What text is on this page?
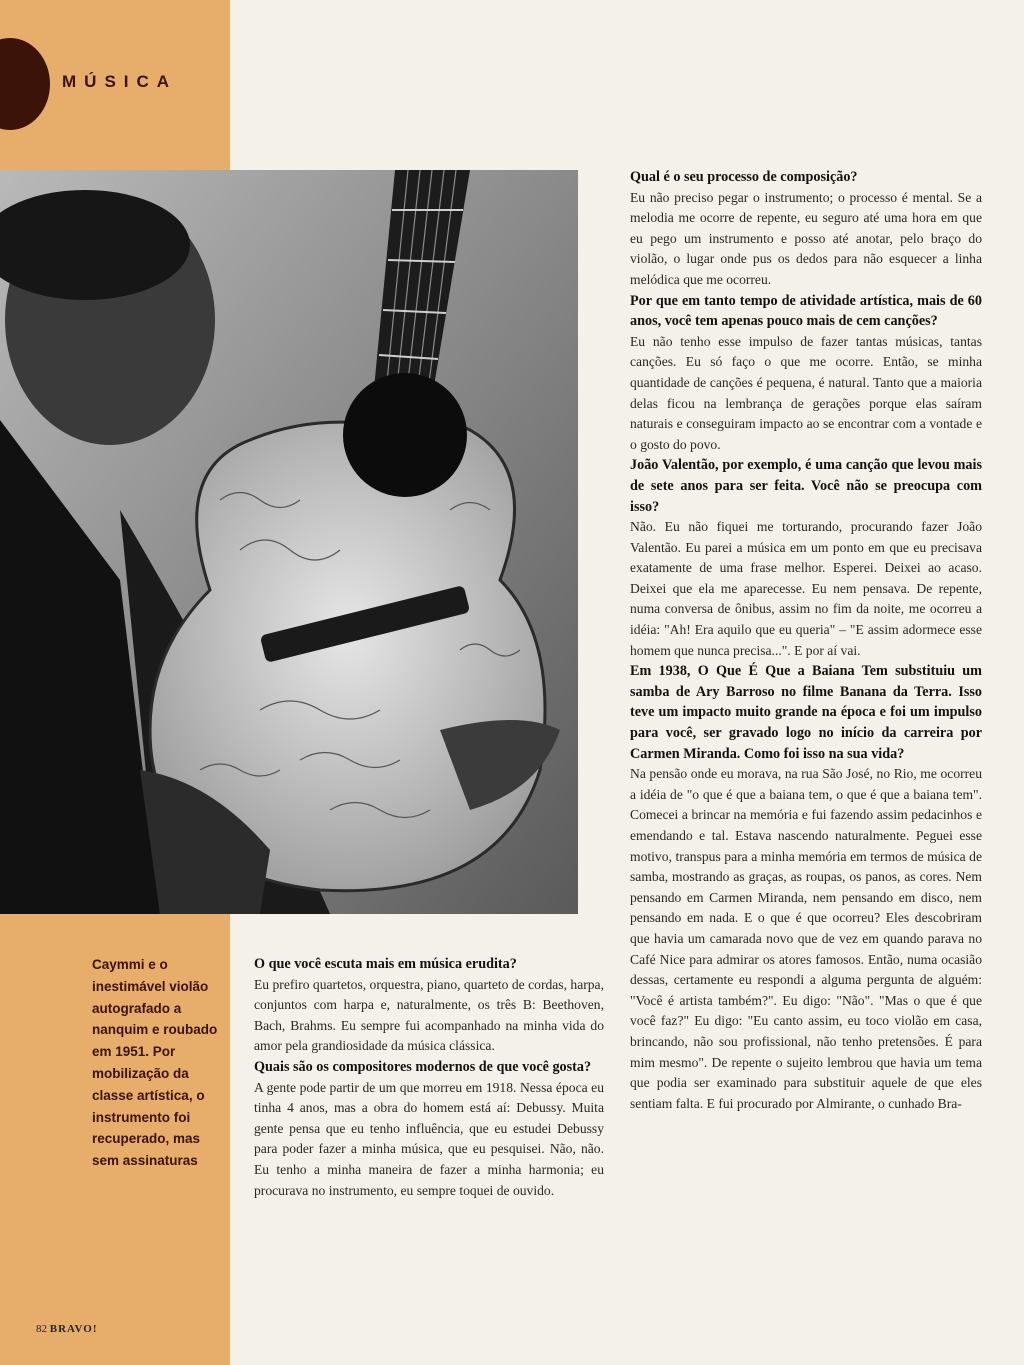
MÚSICA
Caymmi e o inestimável violão autografado a nanquim e roubado em 1951. Por mobilização da classe artística, o instrumento foi recuperado, mas sem assinaturas

O que você escuta mais em música erudita?

Eu prefiro quartetos, orquestra, piano, quarteto de cordas, harpa, conjuntos com harpa e, naturalmente, os três B: Beethoven, Bach, Brahms. Eu sempre fui acompanhado na minha vida do amor pela grandiosidade da música clássica.

Quais são os compositores modernos de que você gosta?

A gente pode partir de um que morreu em 1918. Nessa época eu tinha 4 anos, mas a obra do homem está aí: Debussy. Muita gente pensa que eu tenho influência, que eu estudei Debussy para poder fazer a minha música, que eu pesquisei. Não, não. Eu tenho a minha maneira de fazer a minha harmonia; eu procurava no instrumento, eu sempre toquei de ouvido.

Qual é o seu processo de composição?

Eu não preciso pegar o instrumento; o processo é mental. Se a melodia me ocorre de repente, eu seguro até uma hora em que eu pego um instrumento e posso até anotar, pelo braço do violão, o lugar onde pus os dedos para não esquecer a linha melódica que me ocorreu.

Por que em tanto tempo de atividade artística, mais de 60 anos, você tem apenas pouco mais de cem canções?

Eu não tenho esse impulso de fazer tantas músicas, tantas canções. Eu só faço o que me ocorre. Então, se minha quantidade de canções é pequena, é natural. Tanto que a maioria delas ficou na lembrança de gerações porque elas saíram naturais e conseguiram impacto ao se encontrar com a vontade e o gosto do povo.

João Valentão, por exemplo, é uma canção que levou mais de sete anos para ser feita. Você não se preocupa com isso?

Não. Eu não fiquei me torturando, procurando fazer João Valentão. Eu parei a música em um ponto em que eu precisava exatamente de uma frase melhor. Esperei. Deixei ao acaso. Deixei que ela me aparecesse. Eu nem pensava. De repente, numa conversa de ônibus, assim no fim da noite, me ocorreu a idéia: "Ah! Era aquilo que eu queria" – "E assim adormece esse homem que nunca precisa...". E por aí vai.

Em 1938, O Que É Que a Baiana Tem substituiu um samba de Ary Barroso no filme Banana da Terra. Isso teve um impacto muito grande na época e foi um impulso para você, ser gravado logo no início da carreira por Carmen Miranda. Como foi isso na sua vida?

Na pensão onde eu morava, na rua São José, no Rio, me ocorreu a idéia de "o que é que a baiana tem, o que é que a baiana tem". Comecei a brincar na memória e fui fazendo assim pedacinhos e emendando e tal. Estava nascendo naturalmente. Peguei esse motivo, transpus para a minha memória em termos de música de samba, mostrando as graças, as roupas, os panos, as cores. Nem pensando em Carmen Miranda, nem pensando em disco, nem pensando em nada. E o que é que ocorreu? Eles descobriram que havia um camarada novo que de vez em quando parava no Café Nice para admirar os atores famosos. Então, numa ocasião dessas, certamente eu respondi a alguma pergunta de alguém: "Você é artista também?". Eu digo: "Não". "Mas o que é que você faz?" Eu digo: "Eu canto assim, eu toco violão em casa, brincando, não sou profissional, não tenho pretensões. É para mim mesmo". De repente o sujeito lembrou que havia um tema que podia ser examinado para substituir aquele de que eles sentiam falta. E fui procurado por Almirante, o cunhado Bra-

82 BRAVO!
